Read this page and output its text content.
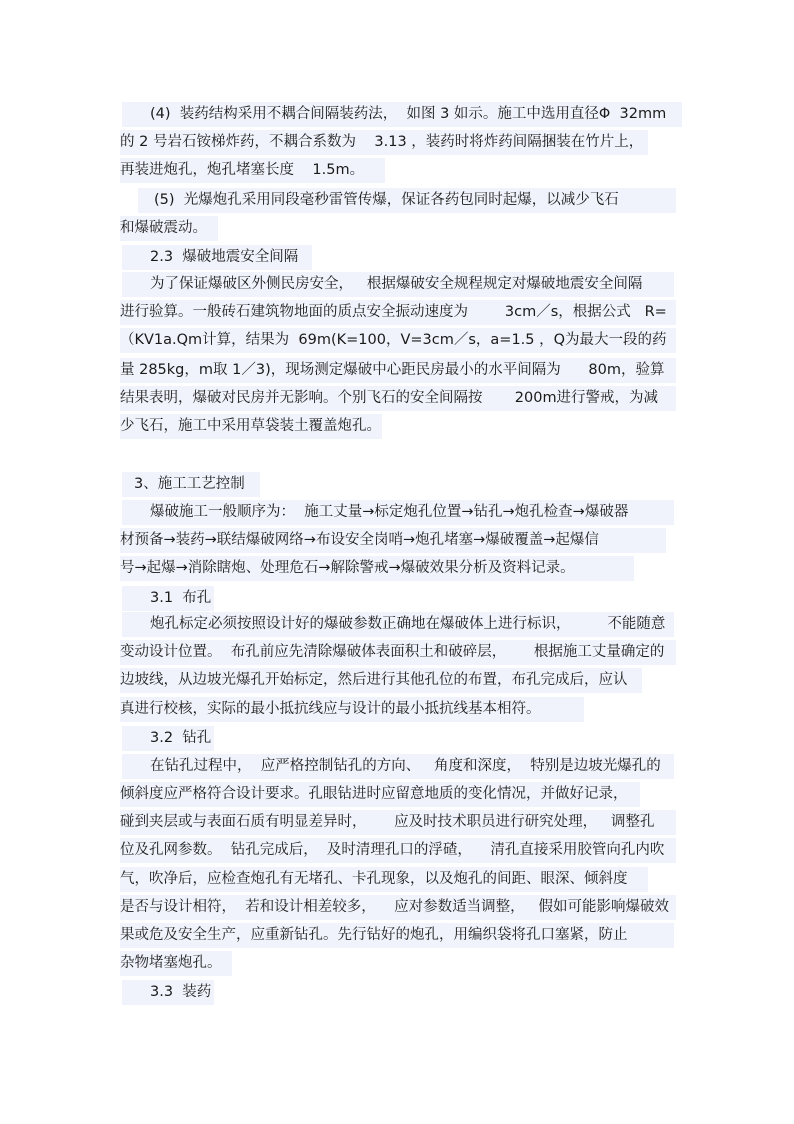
(4)  装药结构采用不耦合间隔装药法，  如图 3 如示。施工中选用直径Φ  32mm
的 2 号岩石铵梯炸药，不耦合系数为    3.13 ，装药时将炸药间隔捆装在竹片上，
再装进炮孔，炮孔堵塞长度    1.5m。
(5)  光爆炮孔采用同段毫秒雷管传爆，保证各药包同时起爆，以减少飞石
和爆破震动。
2.3  爆破地震安全间隔
为了保证爆破区外侧民房安全，   根据爆破安全规程规定对爆破地震安全间隔
进行验算。一般砖石建筑物地面的质点安全振动速度为        3cm／s，根据公式   R=
（KV1a.Qm计算，结果为  69m(K=100，V=3cm／s，a=1.5 ，Q为最大一段的药
量 285kg，m取 1／3)，现场测定爆破中心距民房最小的水平间隔为      80m，验算
结果表明，爆破对民房并无影响。个别飞石的安全间隔按       200m进行警戒，为减
少飞石，施工中采用草袋装土覆盖炮孔。
3、施工工艺控制
爆破施工一般顺序为：  施工丈量→标定炮孔位置→钻孔→炮孔检查→爆破器
材预备→装药→联结爆破网络→布设安全岗哨→炮孔堵塞→爆破覆盖→起爆信
号→起爆→消除瞎炮、处理危石→解除警戒→爆破效果分析及资料记录。
3.1  布孔
炮孔标定必须按照设计好的爆破参数正确地在爆破体上进行标识，        不能随意
变动设计位置。  布孔前应先清除爆破体表面积土和破碎层，      根据施工丈量确定的
边坡线，从边坡光爆孔开始标定，然后进行其他孔位的布置，布孔完成后，应认
真进行校核，实际的最小抵抗线应与设计的最小抵抗线基本相符。
3.2  钻孔
在钻孔过程中，  应严格控制钻孔的方向、   角度和深度，  特别是边坡光爆孔的
倾斜度应严格符合设计要求。孔眼钻进时应留意地质的变化情况，并做好记录，
碰到夹层或与表面石质有明显差异时，      应及时技术职员进行研究处理，   调整孔
位及孔网参数。  钻孔完成后，  及时清理孔口的浮碴，    清孔直接采用胶管向孔内吹
气，吹净后，应检查炮孔有无堵孔、卡孔现象，以及炮孔的间距、眼深、倾斜度
是否与设计相符，  若和设计相差较多，    应对参数适当调整，   假如可能影响爆破效
果或危及安全生产，应重新钻孔。先行钻好的炮孔，用编织袋将孔口塞紧，防止
杂物堵塞炮孔。
3.3  装药
